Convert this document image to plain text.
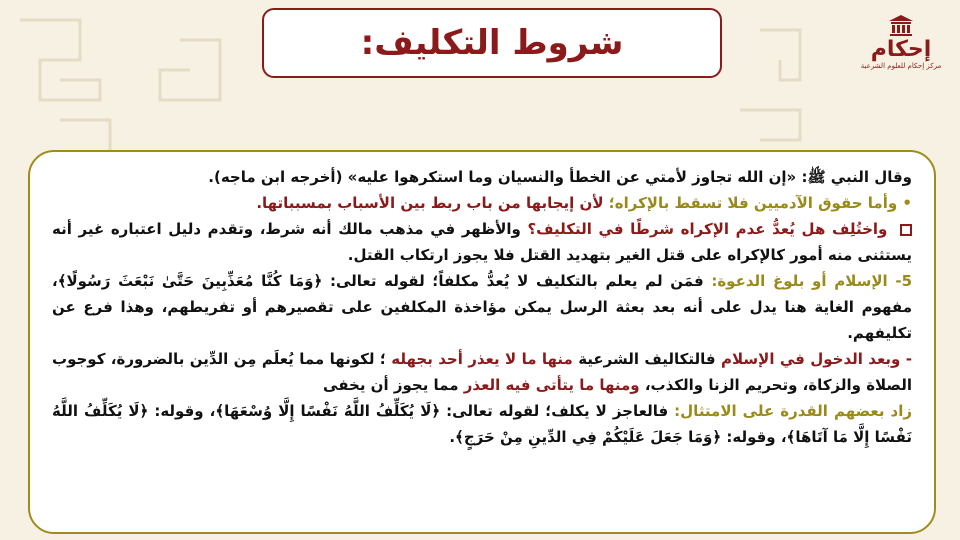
شروط التكليف:	إحكام
مركز إحكام للعلوم الشرعية

وقال النبي ﷺ: «إن الله تجاوز لأمتي عن الخطأ والنسيان وما استكرهوا عليه» (أخرجه ابن ماجه).

• وأما حقوق الآدميين فلا تسقط بالإكراه؛ لأن إيجابها من باب ربط بين الأسباب بمسبباتها.

واختُلِف هل يُعدُّ عدم الإكراه شرطًا في التكليف؟ والأظهر في مذهب مالك أنه شرط، وتقدم دليل اعتباره غير أنه يستثنى منه أمور كالإكراه على قتل الغير بتهديد القتل فلا يجوز ارتكاب القتل.

5- الإسلام أو بلوغ الدعوة: فمَن لم يعلم بالتكليف لا يُعدُّ مكلفاً؛ لقوله تعالى: ﴿وَمَا كُنَّا مُعَذِّبِينَ حَتَّىٰ نَبْعَثَ رَسُولًا﴾، مفهوم الغاية هنا يدل على أنه بعد بعثة الرسل يمكن مؤاخذة المكلفين على تقصيرهم أو تفريطهم، وهذا فرع عن تكليفهم.

- وبعد الدخول في الإسلام فالتكاليف الشرعية منها ما لا يعذر أحد بجهله ؛ لكونها مما يُعلَم مِن الدِّين بالضرورة، كوجوب الصلاة والزكاة، وتحريم الزنا والكذب، ومنها ما يتأتى فيه العذر مما يجوز أن يخفى

زاد بعضهم القدرة على الامتثال: فالعاجز لا يكلف؛ لقوله تعالى: ﴿لَا يُكَلِّفُ اللَّهُ نَفْسًا إِلَّا وُسْعَهَا﴾، وقوله: ﴿لَا يُكَلِّفُ اللَّهُ نَفْسًا إِلَّا مَا آتَاهَا﴾، وقوله: ﴿وَمَا جَعَلَ عَلَيْكُمْ فِي الدِّينِ مِنْ حَرَجٍ﴾.
